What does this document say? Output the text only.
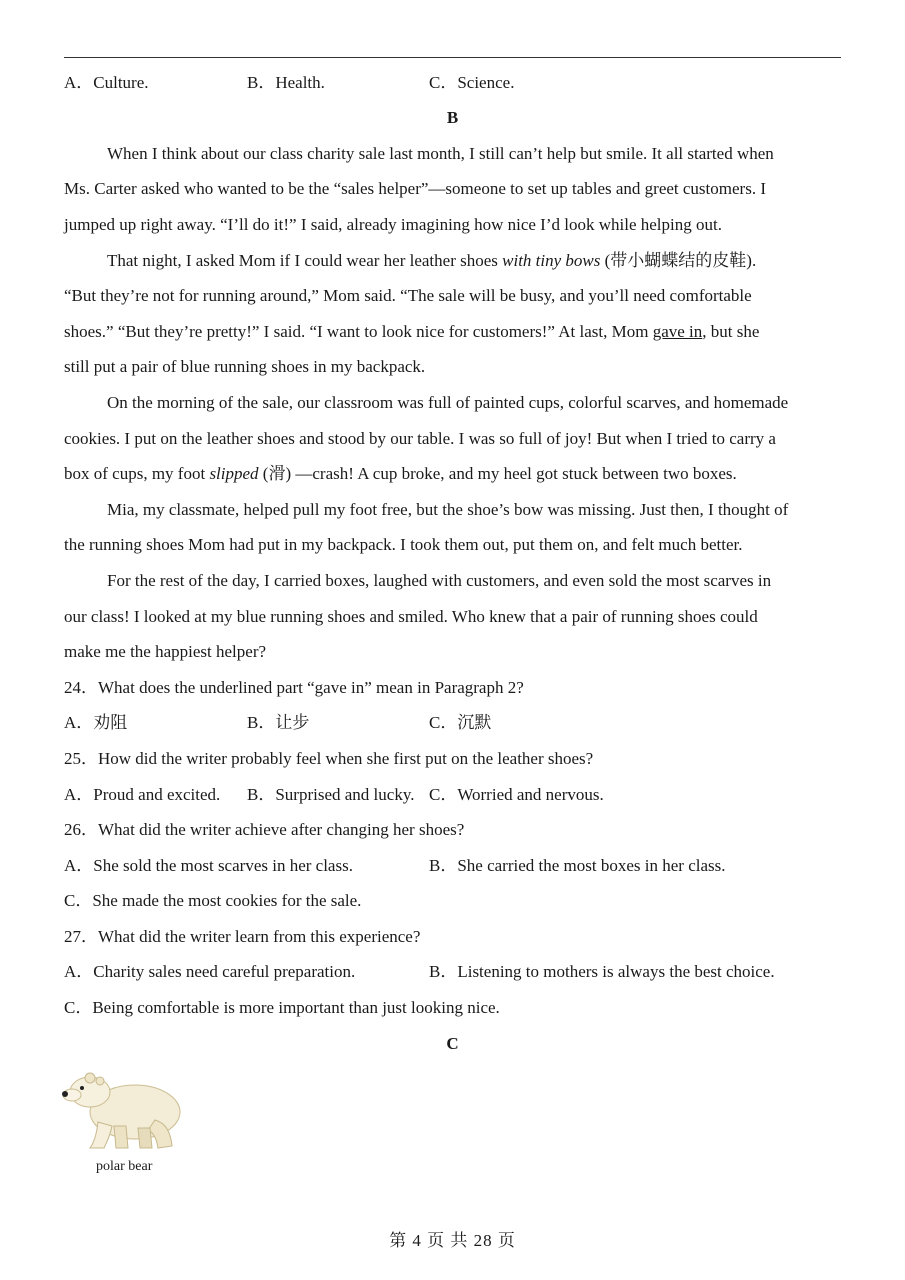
A．Culture.	B．Health.	C．Science.
B
When I think about our class charity sale last month, I still can’t help but smile. It all started when
Ms. Carter asked who wanted to be the “sales helper”—someone to set up tables and greet customers. I
jumped up right away. “I’ll do it!” I said, already imagining how nice I’d look while helping out.
That night, I asked Mom if I could wear her leather shoes with tiny bows (带小蝴蝶结的皮鞋).
“But they’re not for running around,” Mom said. “The sale will be busy, and you’ll need comfortable
shoes.” “But they’re pretty!” I said. “I want to look nice for customers!” At last, Mom gave in, but she
still put a pair of blue running shoes in my backpack.
On the morning of the sale, our classroom was full of painted cups, colorful scarves, and homemade
cookies. I put on the leather shoes and stood by our table. I was so full of joy! But when I tried to carry a
box of cups, my foot slipped (滑) —crash! A cup broke, and my heel got stuck between two boxes.
Mia, my classmate, helped pull my foot free, but the shoe’s bow was missing. Just then, I thought of
the running shoes Mom had put in my backpack. I took them out, put them on, and felt much better.
For the rest of the day, I carried boxes, laughed with customers, and even sold the most scarves in
our class! I looked at my blue running shoes and smiled. Who knew that a pair of running shoes could
make me the happiest helper?
24．What does the underlined part “gave in” mean in Paragraph 2?
A．劝阻	B．让步	C．沉默
25．How did the writer probably feel when she first put on the leather shoes?
A．Proud and excited. B．Surprised and lucky. C．Worried and nervous.
26．What did the writer achieve after changing her shoes?
A．She sold the most scarves in her class.	B．She carried the most boxes in her class.
C．She made the most cookies for the sale.
27．What did the writer learn from this experience?
A．Charity sales need careful preparation.	B．Listening to mothers is always the best choice.
C．Being comfortable is more important than just looking nice.
C
polar bear
第 4 页 共 28 页
